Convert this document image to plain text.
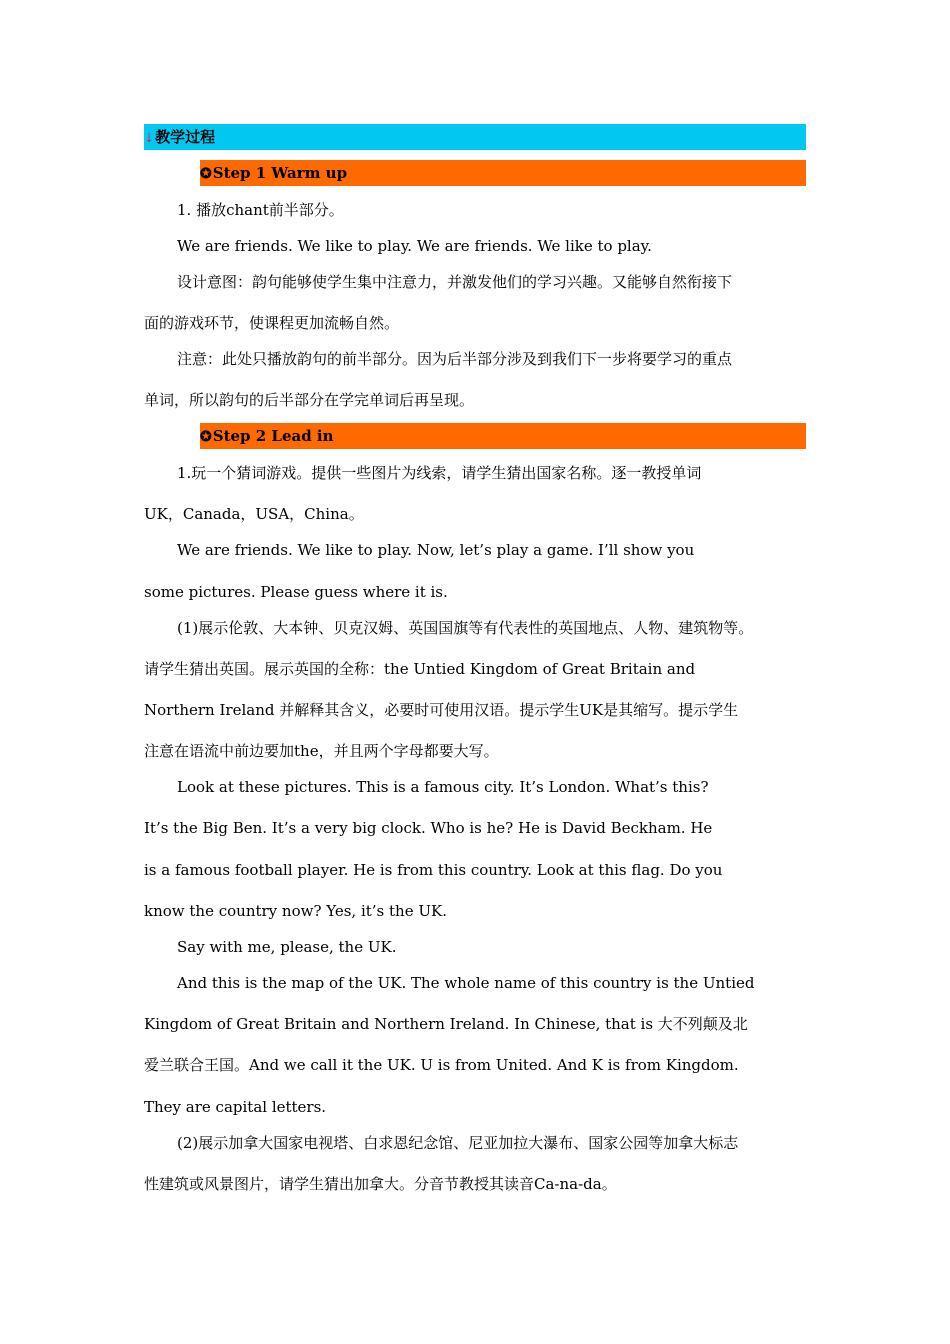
⇣教学过程
✪Step 1 Warm up
1. 播放chant前半部分。
We are friends. We like to play. We are friends. We like to play.
设计意图：韵句能够使学生集中注意力，并激发他们的学习兴趣。又能够自然衔接下
面的游戏环节，使课程更加流畅自然。
注意：此处只播放韵句的前半部分。因为后半部分涉及到我们下一步将要学习的重点
单词，所以韵句的后半部分在学完单词后再呈现。
✪Step 2 Lead in
1.玩一个猜词游戏。提供一些图片为线索，请学生猜出国家名称。逐一教授单词
UK，Canada，USA，China。
We are friends. We like to play. Now, let’s play a game. I’ll show you
some pictures. Please guess where it is.
(1)展示伦敦、大本钟、贝克汉姆、英国国旗等有代表性的英国地点、人物、建筑物等。
请学生猜出英国。展示英国的全称：the Untied Kingdom of Great Britain and
Northern Ireland 并解释其含义，必要时可使用汉语。提示学生UK是其缩写。提示学生
注意在语流中前边要加the，并且两个字母都要大写。
Look at these pictures. This is a famous city. It’s London. What’s this?
It’s the Big Ben. It’s a very big clock. Who is he? He is David Beckham. He
is a famous football player. He is from this country. Look at this flag. Do you
know the country now? Yes, it’s the UK.
Say with me, please, the UK.
And this is the map of the UK. The whole name of this country is the Untied
Kingdom of Great Britain and Northern Ireland. In Chinese, that is 大不列颠及北
爱兰联合王国。And we call it the UK. U is from United. And K is from Kingdom.
They are capital letters.
(2)展示加拿大国家电视塔、白求恩纪念馆、尼亚加拉大瀑布、国家公园等加拿大标志
性建筑或风景图片，请学生猜出加拿大。分音节教授其读音Ca-na-da。
